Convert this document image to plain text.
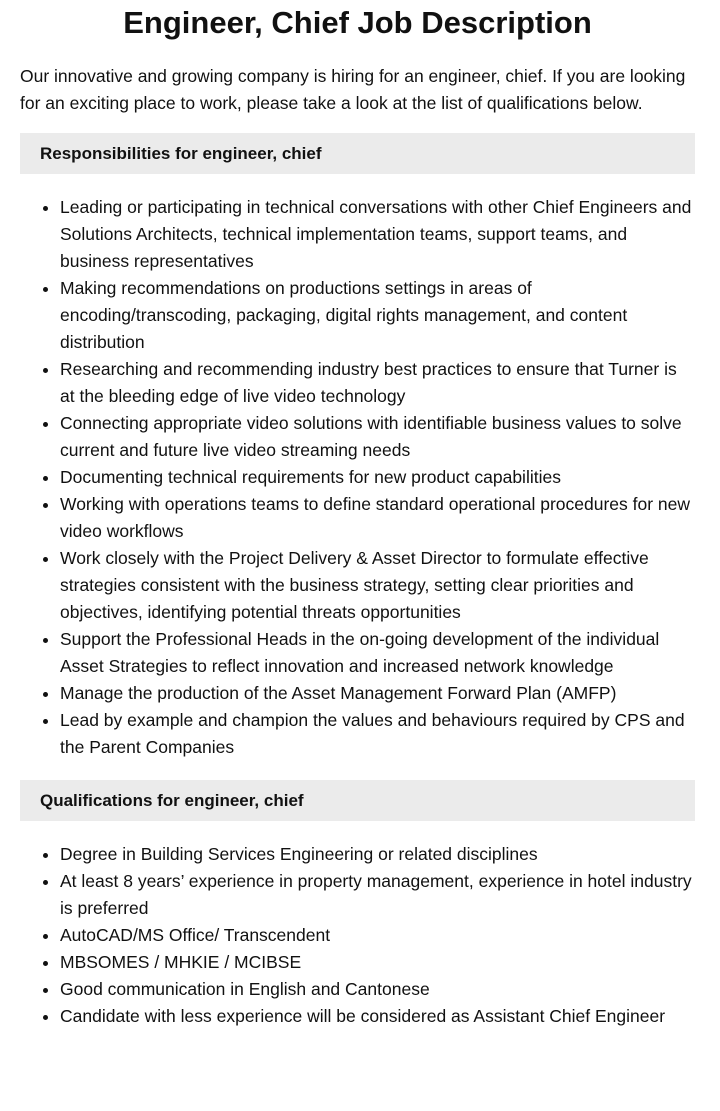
Engineer, Chief Job Description

Our innovative and growing company is hiring for an engineer, chief. If you are looking for an exciting place to work, please take a look at the list of qualifications below.

Responsibilities for engineer, chief
• Leading or participating in technical conversations with other Chief Engineers and Solutions Architects, technical implementation teams, support teams, and business representatives
• Making recommendations on productions settings in areas of encoding/transcoding, packaging, digital rights management, and content distribution
• Researching and recommending industry best practices to ensure that Turner is at the bleeding edge of live video technology
• Connecting appropriate video solutions with identifiable business values to solve current and future live video streaming needs
• Documenting technical requirements for new product capabilities
• Working with operations teams to define standard operational procedures for new video workflows
• Work closely with the Project Delivery & Asset Director to formulate effective strategies consistent with the business strategy, setting clear priorities and objectives, identifying potential threats opportunities
• Support the Professional Heads in the on-going development of the individual Asset Strategies to reflect innovation and increased network knowledge
• Manage the production of the Asset Management Forward Plan (AMFP)
• Lead by example and champion the values and behaviours required by CPS and the Parent Companies
Qualifications for engineer, chief
• Degree in Building Services Engineering or related disciplines
• At least 8 years’ experience in property management, experience in hotel industry is preferred
• AutoCAD/MS Office/ Transcendent
• MBSOMES / MHKIE / MCIBSE
• Good communication in English and Cantonese
• Candidate with less experience will be considered as Assistant Chief Engineer
